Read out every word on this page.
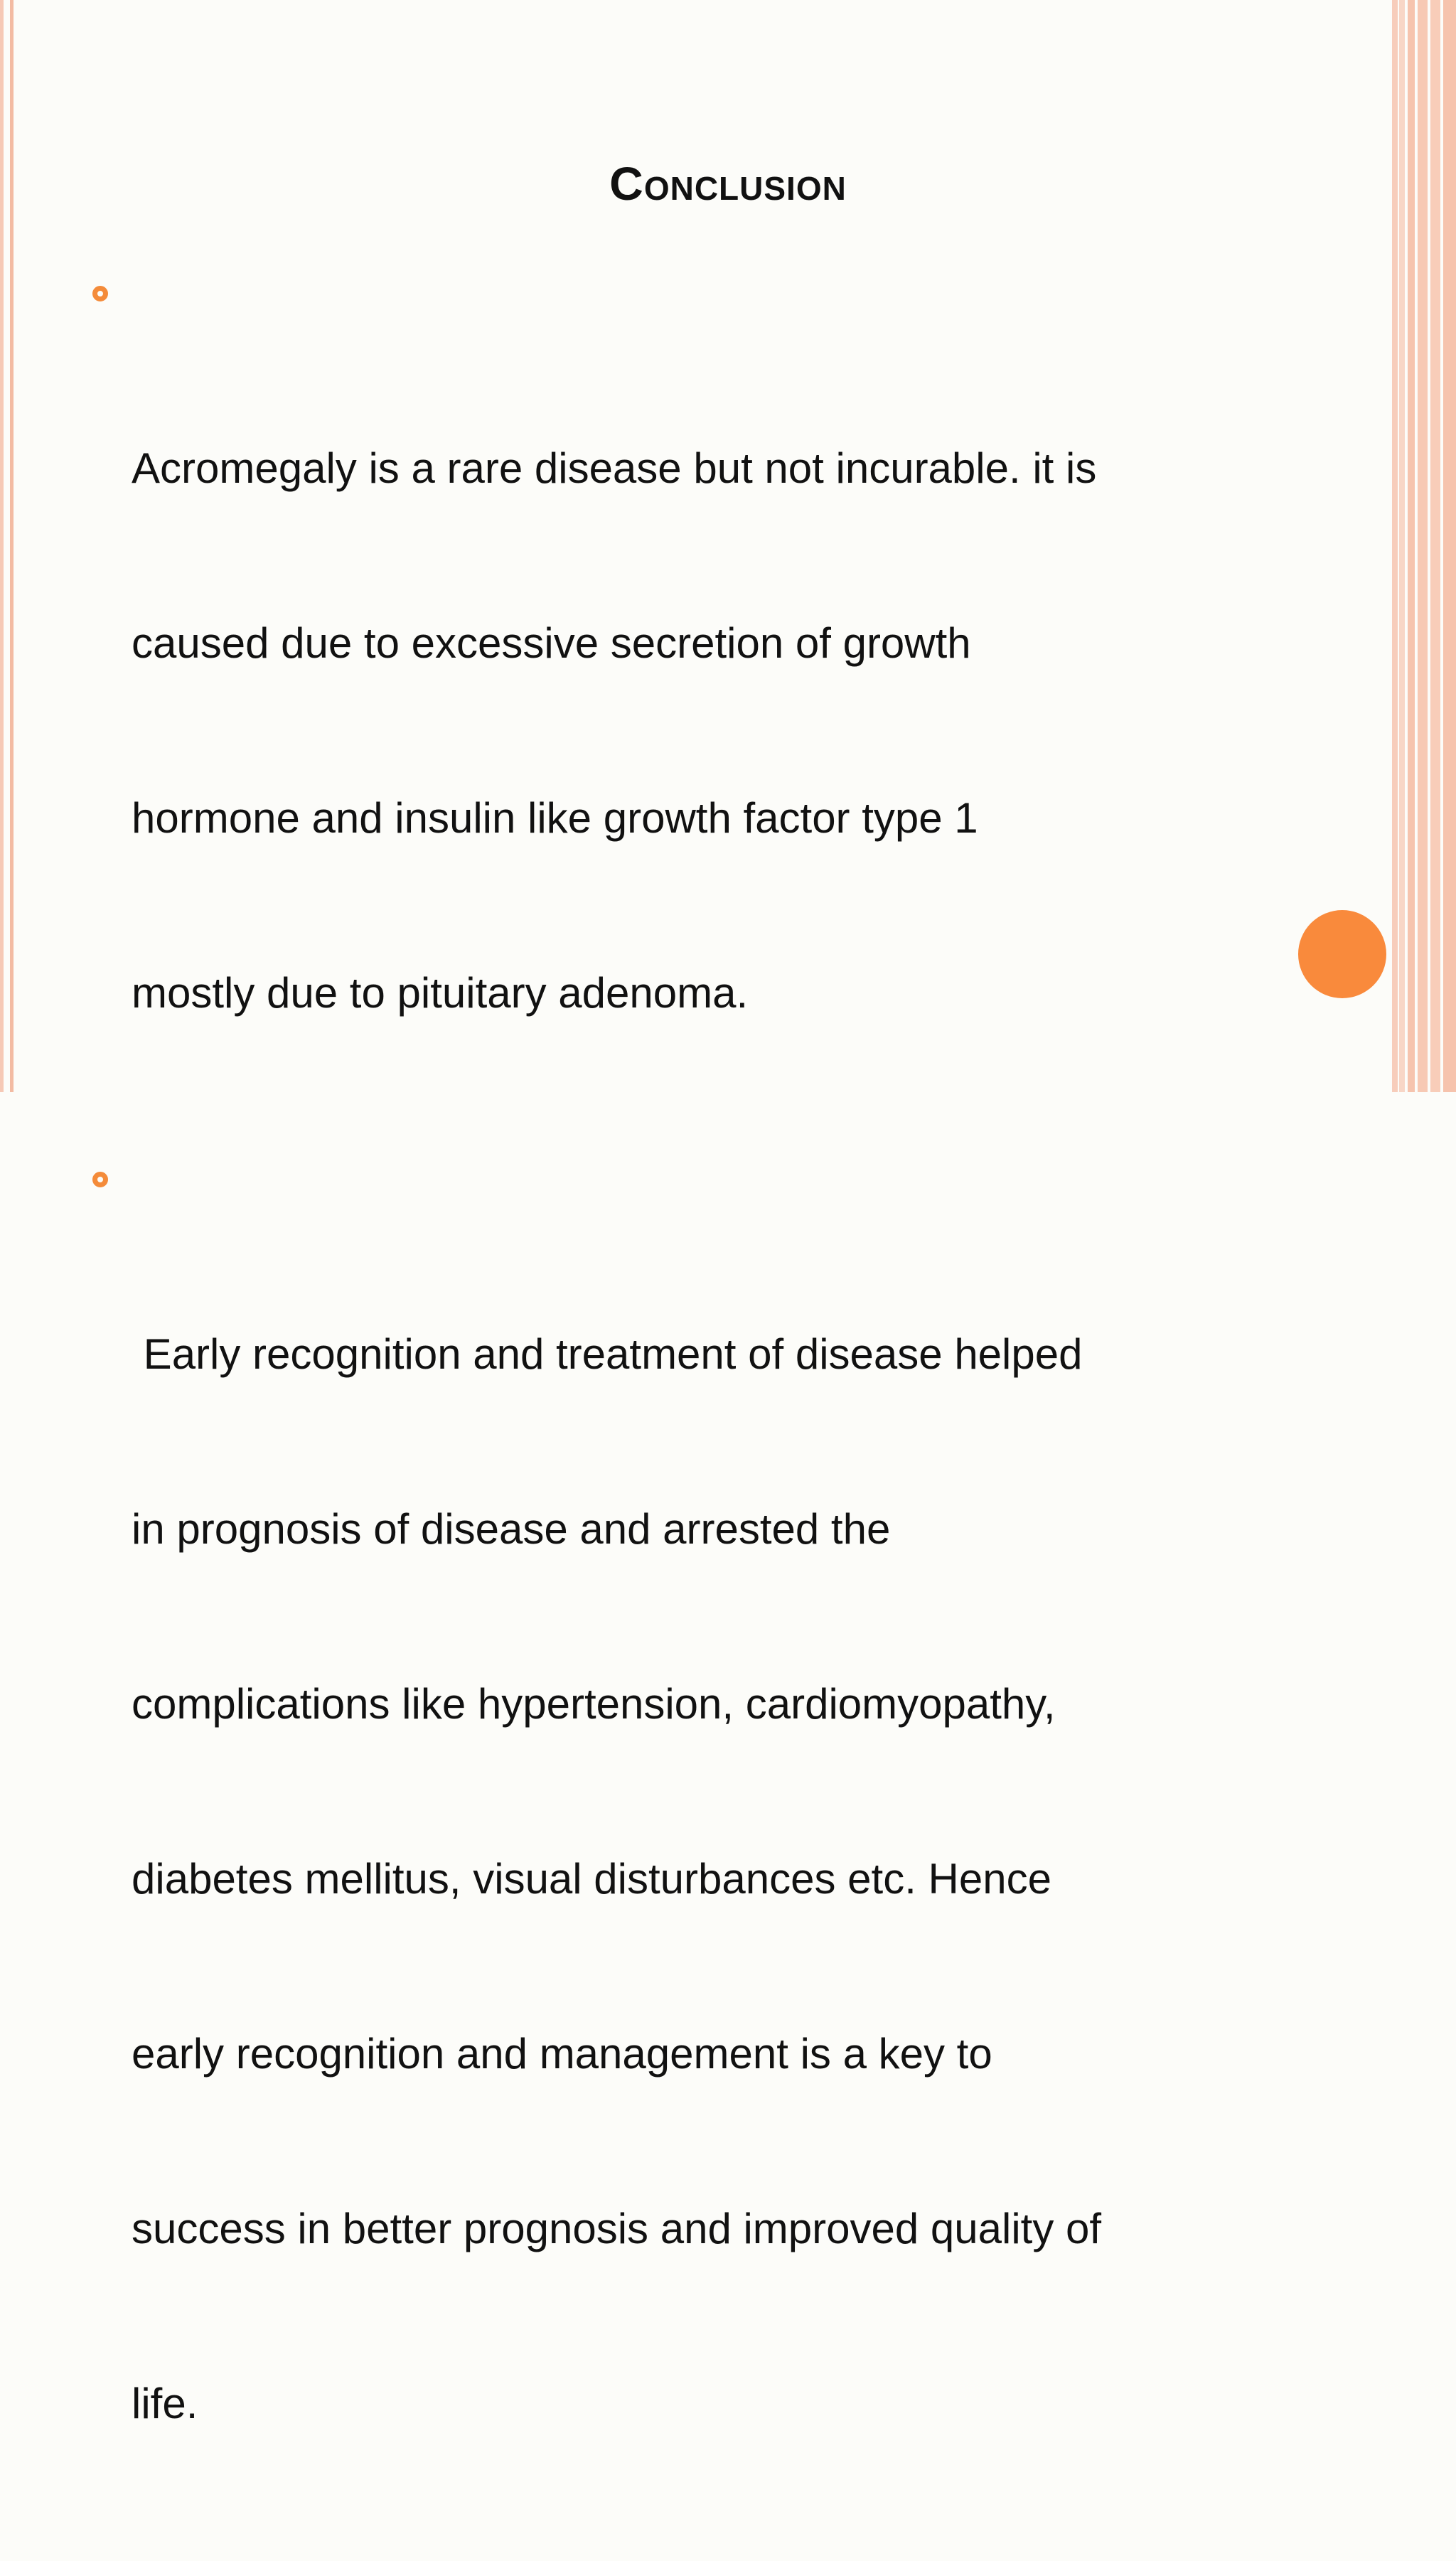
Conclusion

Acromegaly is a rare disease but not incurable. it is

caused due to excessive secretion of growth

hormone and insulin like growth factor type 1

mostly due to pituitary adenoma.

Early recognition and treatment of disease helped

in prognosis of disease and arrested the

complications like hypertension, cardiomyopathy,

diabetes mellitus, visual disturbances etc. Hence

early recognition and management is a key to

success in better prognosis and improved quality of

life.
